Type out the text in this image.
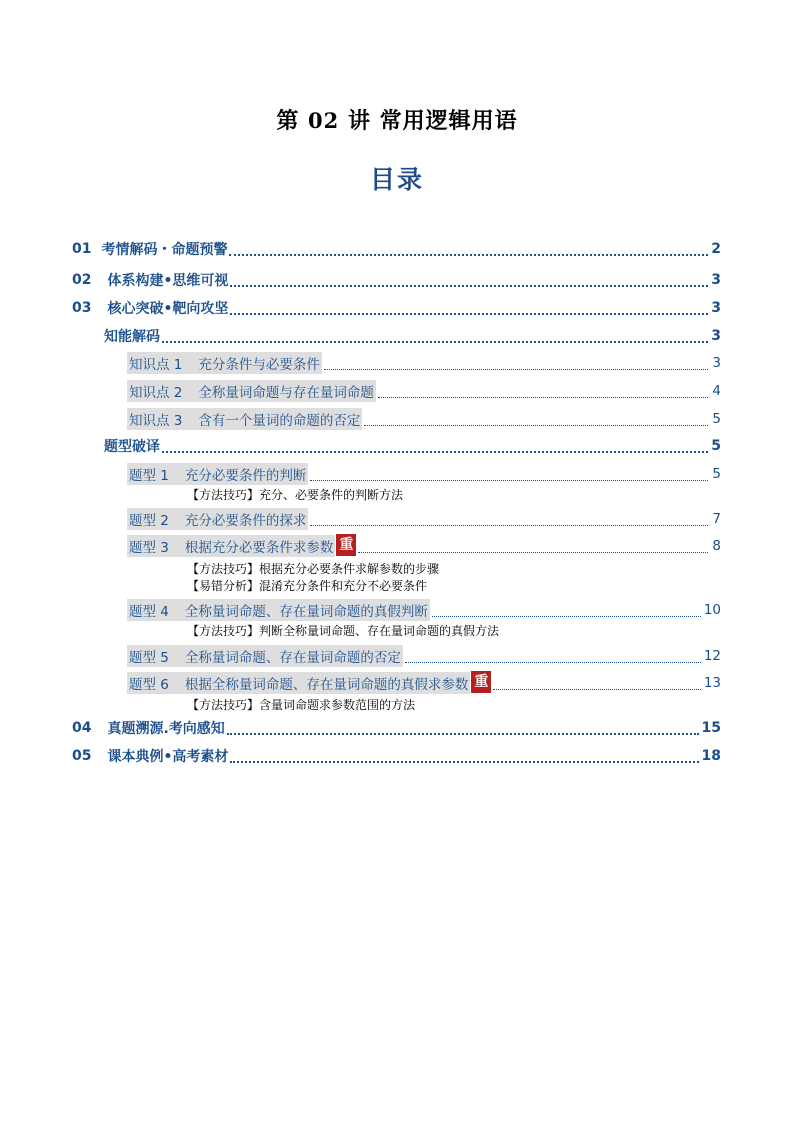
第 02 讲 常用逻辑用语
目录
01 考情解码・命题预警	2
02 体系构建•思维可视	3
03 核心突破•靶向攻坚	3
知能解码	3
知识点 1	充分条件与必要条件	3
知识点 2	全称量词命题与存在量词命题	4
知识点 3	含有一个量词的命题的否定	5
题型破译	5
题型 1	充分必要条件的判断	5
【方法技巧】充分、必要条件的判断方法
题型 2	充分必要条件的探求	7
题型 3	根据充分必要条件求参数 重	8
【方法技巧】根据充分必要条件求解参数的步骤
【易错分析】混淆充分条件和充分不必要条件
题型 4	全称量词命题、存在量词命题的真假判断	10
【方法技巧】判断全称量词命题、存在量词命题的真假方法
题型 5	全称量词命题、存在量词命题的否定	12
题型 6	根据全称量词命题、存在量词命题的真假求参数 重	13
【方法技巧】含量词命题求参数范围的方法
04 真题溯源.考向感知	15
05 课本典例•高考素材	18
